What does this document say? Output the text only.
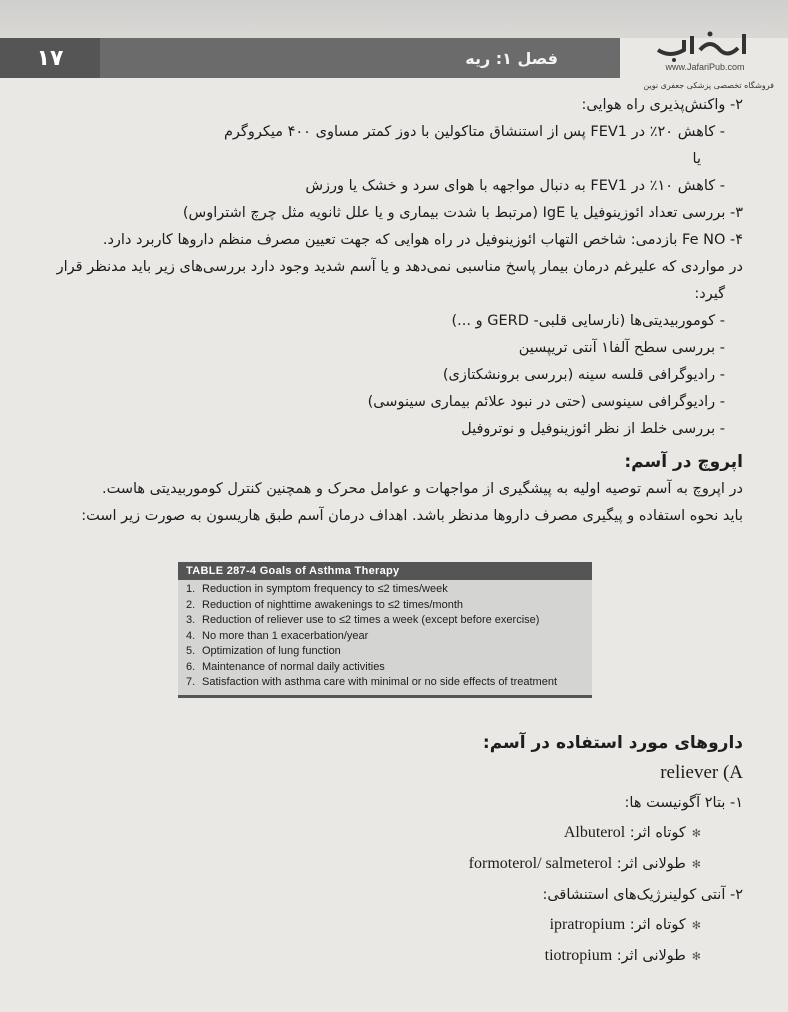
۱۷	فصل ۱: ریه	www.JafariPub.com
فروشگاه تخصصی پزشکی جعفری نوین
۲- واکنش‌پذیری راه هوایی:
- کاهش ۲۰٪ در FEV1 پس از استنشاق متاکولین با دوز کمتر مساوی ۴۰۰ میکروگرم
یا
- کاهش ۱۰٪ در FEV1 به دنبال مواجهه با هوای سرد و خشک یا ورزش
۳- بررسی تعداد ائوزینوفیل یا IgE (مرتبط با شدت بیماری و یا علل ثانویه مثل چرچ اشتراوس)
۴- Fe NO بازدمی: شاخص التهاب ائوزینوفیل در راه هوایی که جهت تعیین مصرف منظم داروها کاربرد دارد.
در مواردی که علیرغم درمان بیمار پاسخ مناسبی نمی‌دهد و یا آسم شدید وجود دارد بررسی‌های زیر باید مدنظر قرار
گیرد:
- کوموربیدیتی‌ها (نارسایی قلبی- GERD و ...)
- بررسی سطح آلفا۱ آنتی تریپسین
- رادیوگرافی قلسه سینه (بررسی برونشکتازی)
- رادیوگرافی سینوسی (حتی در نبود علائم بیماری سینوسی)
- بررسی خلط از نظر ائوزینوفیل و نوتروفیل
اپروچ در آسم:
در اپروچ به آسم توصیه اولیه به پیشگیری از مواجهات و عوامل محرک و همچنین کنترل کوموربیدیتی هاست.
باید نحوه استفاده و پیگیری مصرف داروها مدنظر باشد. اهداف درمان آسم طبق هاریسون به صورت زیر است:
TABLE 287-4 Goals of Asthma Therapy
1. Reduction in symptom frequency to ≤2 times/week
2. Reduction of nighttime awakenings to ≤2 times/month
3. Reduction of reliever use to ≤2 times a week (except before exercise)
4. No more than 1 exacerbation/year
5. Optimization of lung function
6. Maintenance of normal daily activities
7. Satisfaction with asthma care with minimal or no side effects of treatment
داروهای مورد استفاده در آسم:
reliever (A
۱- بتا۲ آگونیست ها:
✻کوتاه اثر: Albuterol
✻طولانی اثر: formoterol/ salmeterol
۲- آنتی کولینرژیک‌های استنشاقی:
✻کوتاه اثر: ipratropium
✻طولانی اثر: tiotropium
